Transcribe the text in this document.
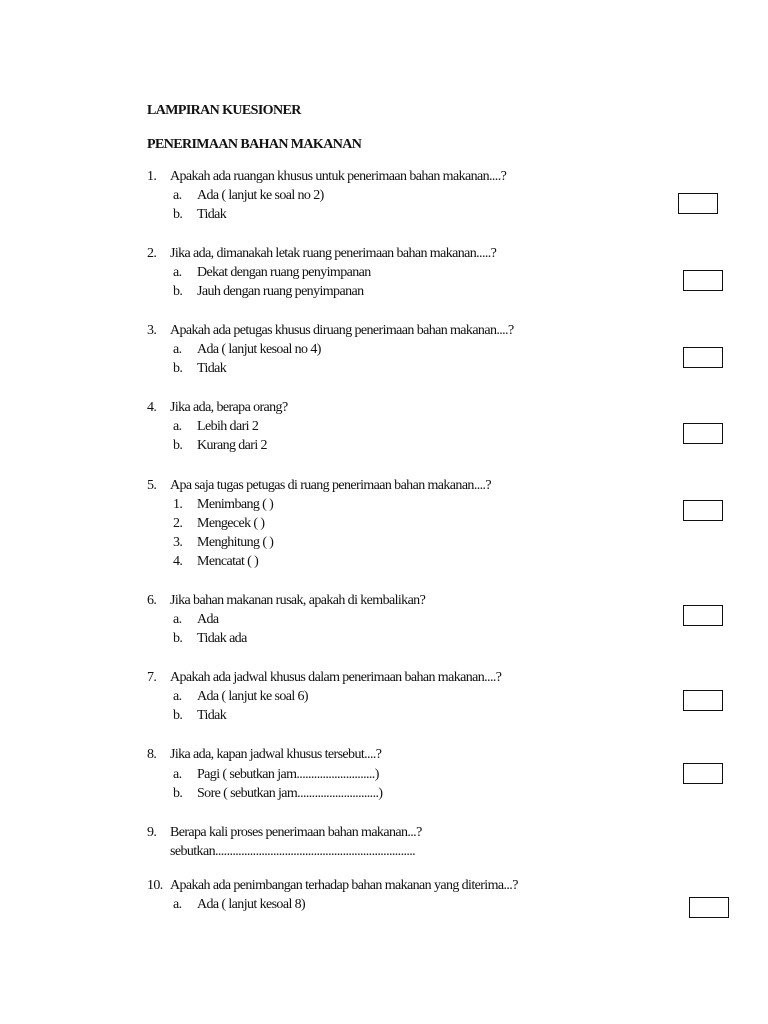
LAMPIRAN KUESIONER
PENERIMAAN BAHAN MAKANAN
1. Apakah ada ruangan khusus untuk penerimaan bahan makanan....?
a. Ada ( lanjut ke soal no 2)
b. Tidak
2. Jika ada, dimanakah letak ruang penerimaan bahan makanan.....?
a. Dekat dengan ruang penyimpanan
b. Jauh dengan ruang penyimpanan
3. Apakah ada petugas khusus diruang penerimaan bahan makanan....?
a. Ada ( lanjut kesoal no 4)
b. Tidak
4. Jika ada, berapa orang?
a. Lebih dari 2
b. Kurang dari 2
5. Apa saja tugas petugas di ruang penerimaan bahan makanan....?
1. Menimbang ( )
2. Mengecek ( )
3. Menghitung ( )
4. Mencatat ( )
6. Jika bahan makanan rusak, apakah di kembalikan?
a. Ada
b. Tidak ada
7. Apakah ada jadwal khusus dalam penerimaan bahan makanan....?
a. Ada ( lanjut ke soal 6)
b. Tidak
8. Jika ada, kapan jadwal khusus tersebut....?
a. Pagi ( sebutkan jam...........................)
b. Sore ( sebutkan jam............................)
9. Berapa kali proses penerimaan bahan makanan...?
sebutkan.....................................................................
10. Apakah ada penimbangan terhadap bahan makanan yang diterima...?
a. Ada ( lanjut kesoal 8)
